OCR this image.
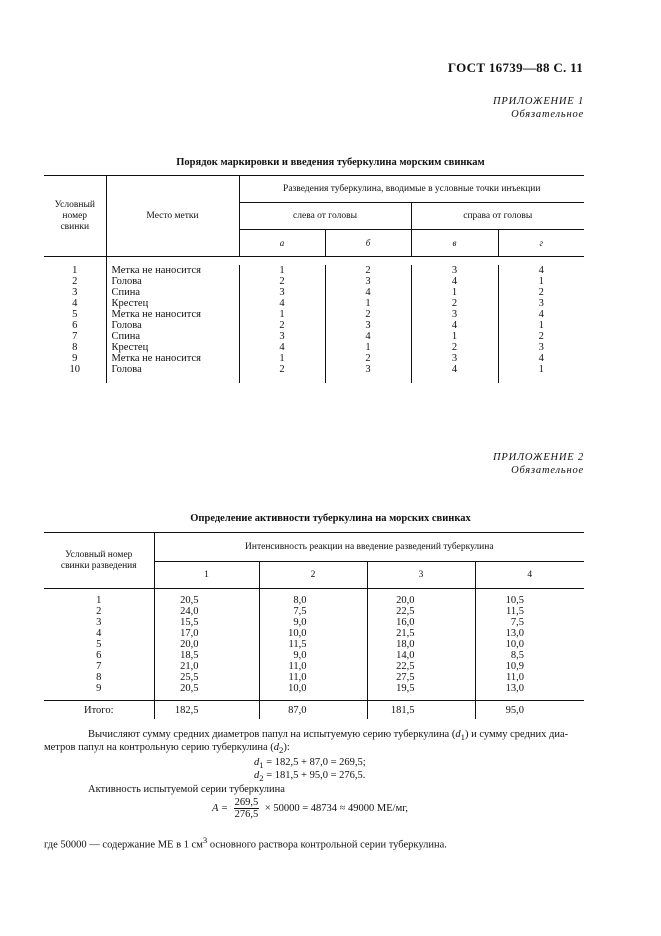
ГОСТ 16739—88 С. 11
ПРИЛОЖЕНИЕ 1
Обязательное
Порядок маркировки и введения туберкулина морским свинкам
Условный
номер
свинки	Место метки	Разведения туберкулина, вводимые в условные точки инъекции			
		слева от головы		справа от головы	
		а	б	в	г

1	Метка не наносится	1	2	3	4
2	Голова	2	3	4	1
3	Спина	3	4	1	2
4	Крестец	4	1	2	3
5	Метка не наносится	1	2	3	4
6	Голова	2	3	4	1
7	Спина	3	4	1	2
8	Крестец	4	1	2	3
9	Метка не наносится	1	2	3	4
10	Голова	2	3	4	1

ПРИЛОЖЕНИЕ 2
Обязательное
Определение активности туберкулина на морских свинках
Условный номер
свинки разведения	Интенсивность реакции на введение разведений туберкулина			
	1	2	3	4

1	20,5	8,0	20,0	10,5
2	24,0	7,5	22,5	11,5
3	15,5	9,0	16,0	7,5
4	17,0	10,0	21,5	13,0
5	20,0	11,5	18,0	10,0
6	18,5	9,0	14,0	8,5
7	21,0	11,0	22,5	10,9
8	25,5	11,0	27,5	11,0
9	20,5	10,0	19,5	13,0

Итого:	182,5	87,0	181,5	95,0
Вычисляют сумму средних диаметров папул на испытуемую серию туберкулина $(d_1)$ и сумму средних диа-
метров папул на контрольную серию туберкулина $(d_2)$:
$d_1 = 182,5 + 87,0 = 269,5$;
$d_2 = 181,5 + 95,0 = 276,5$.
Активность испытуемой серии туберкулина
$A = \frac{269,5}{276,5} \times 50000 = 48734 \approx 49000$ МЕ/мг,
где 50000 — содержание МЕ в 1 $см^3$ основного раствора контрольной серии туберкулина.
